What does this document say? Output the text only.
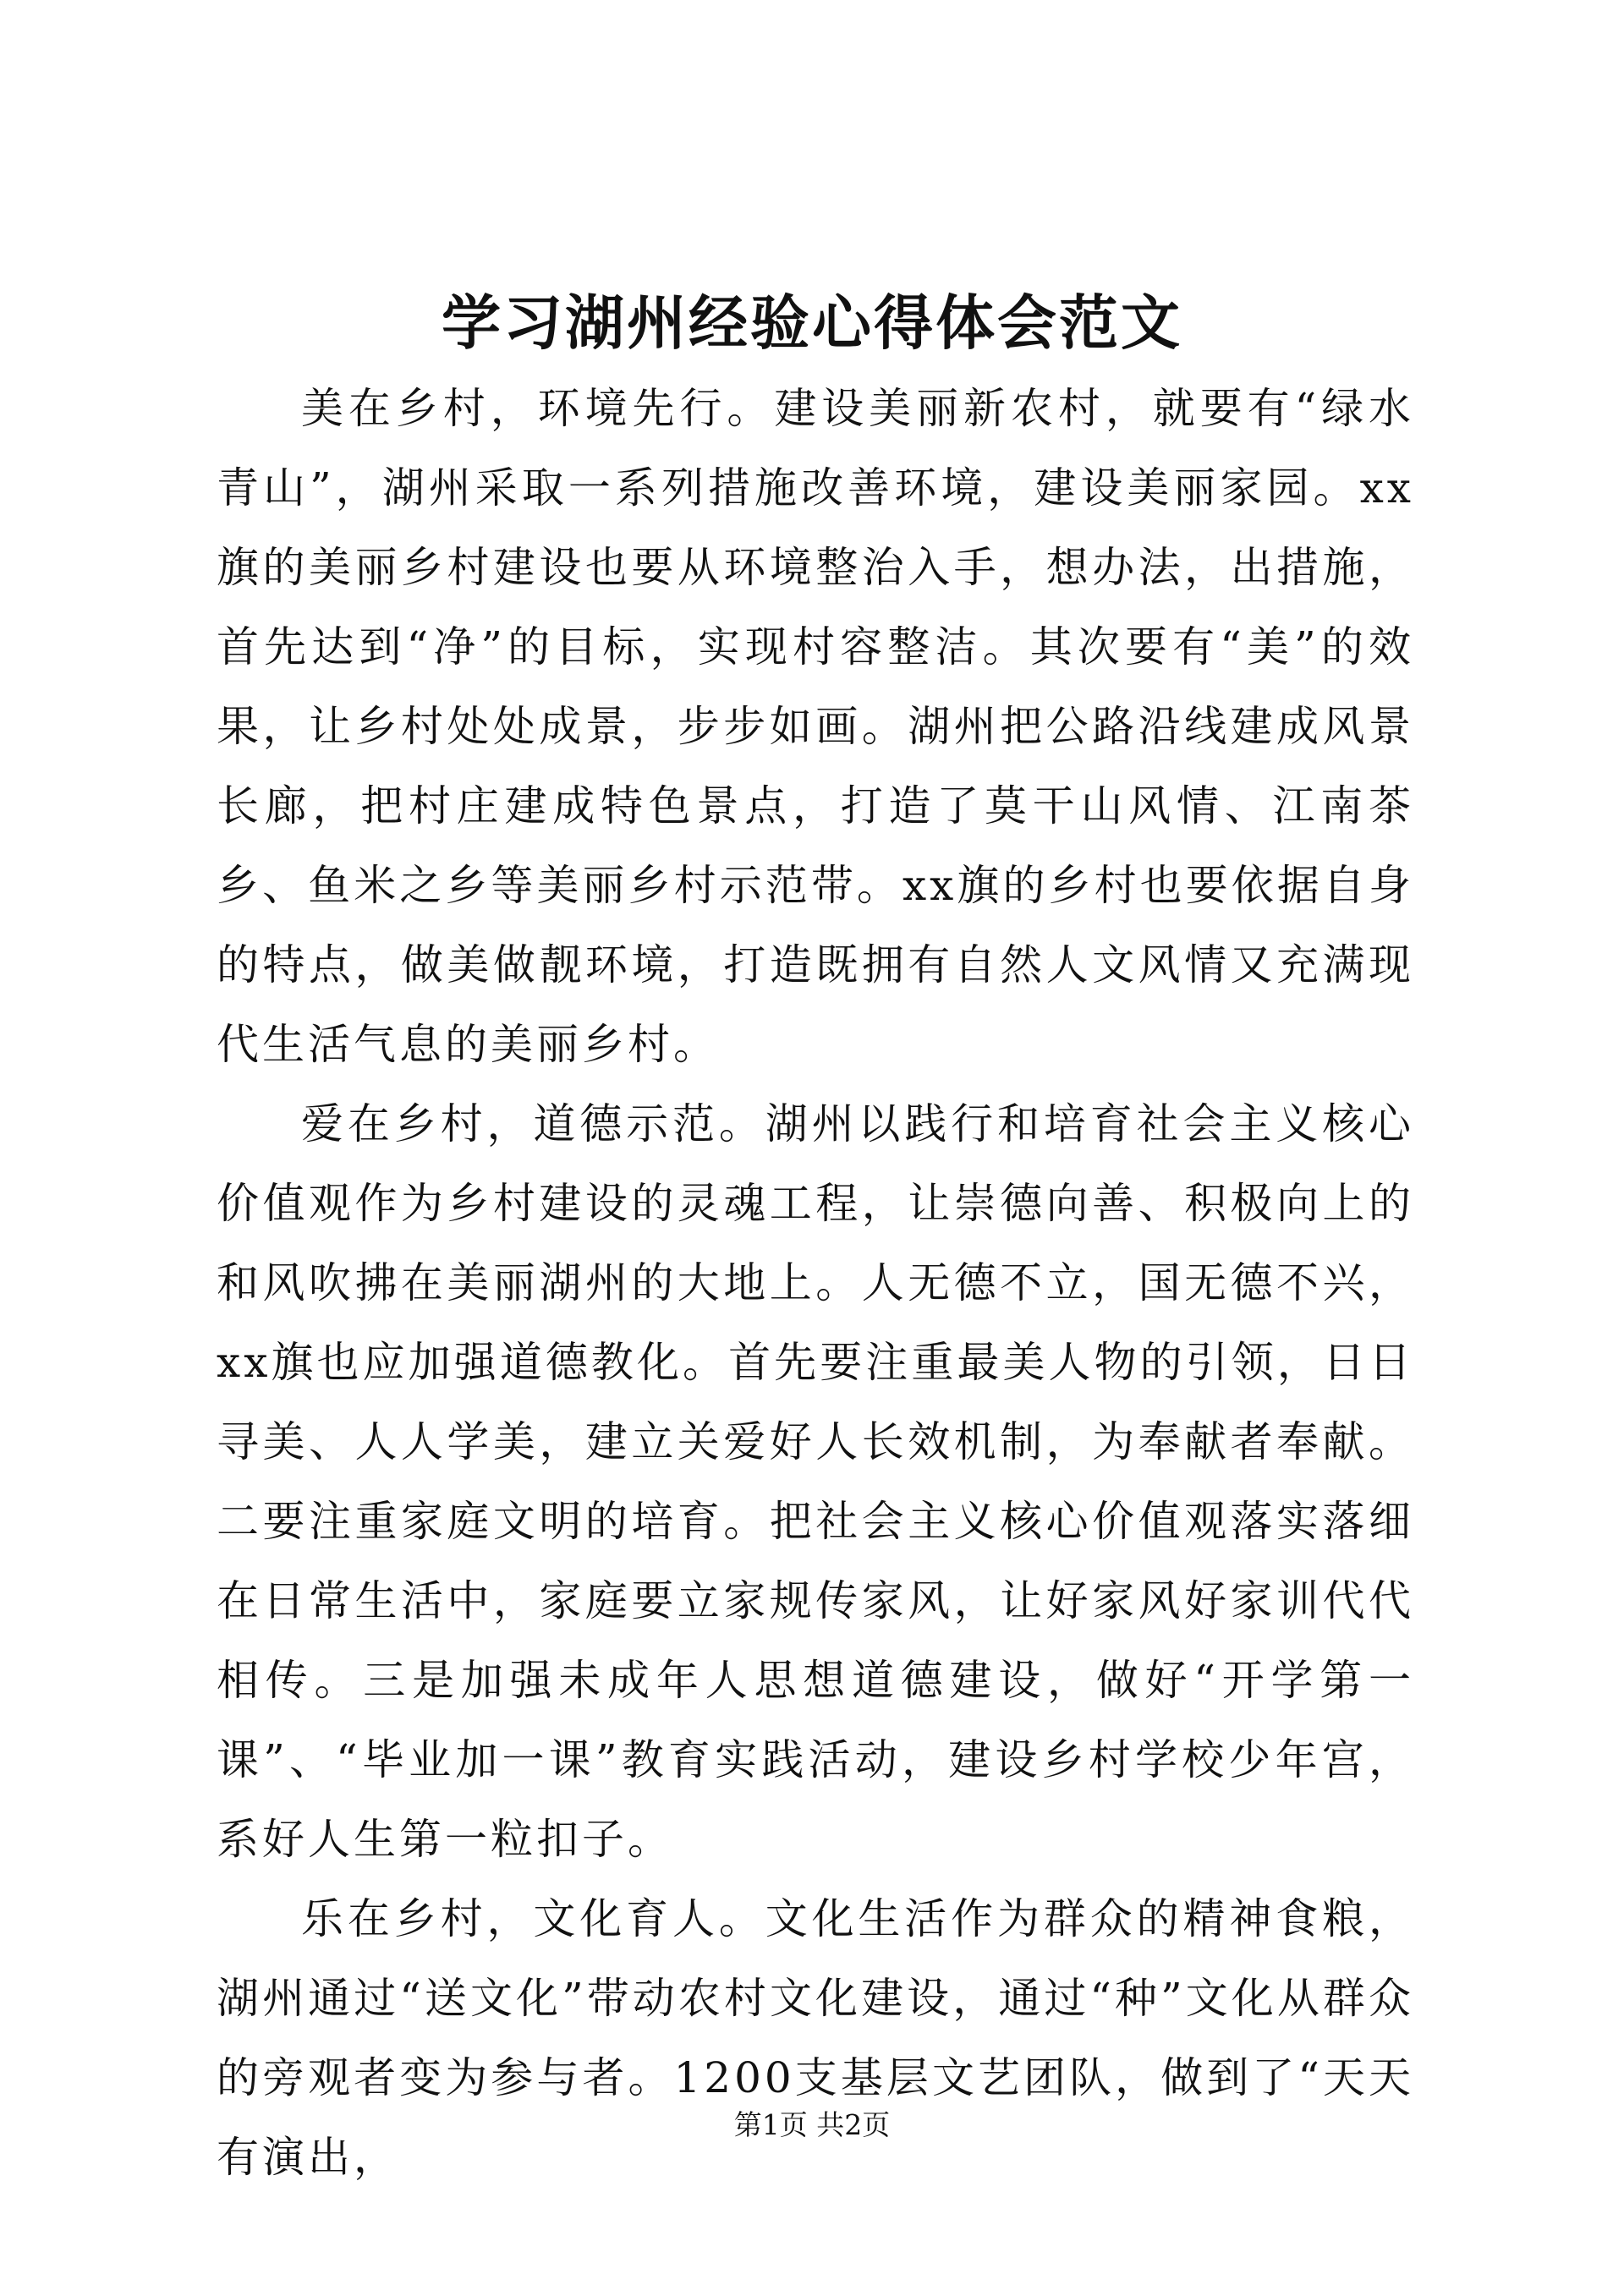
学习湖州经验心得体会范文

美在乡村，环境先行。建设美丽新农村，就要有“绿水青山”，湖州采取一系列措施改善环境，建设美丽家园。xx旗的美丽乡村建设也要从环境整治入手，想办法，出措施，首先达到“净”的目标，实现村容整洁。其次要有“美”的效果，让乡村处处成景，步步如画。湖州把公路沿线建成风景长廊，把村庄建成特色景点，打造了莫干山风情、江南茶乡、鱼米之乡等美丽乡村示范带。xx旗的乡村也要依据自身的特点，做美做靓环境，打造既拥有自然人文风情又充满现代生活气息的美丽乡村。

爱在乡村，道德示范。湖州以践行和培育社会主义核心价值观作为乡村建设的灵魂工程，让崇德向善、积极向上的和风吹拂在美丽湖州的大地上。人无德不立，国无德不兴，xx旗也应加强道德教化。首先要注重最美人物的引领，日日寻美、人人学美，建立关爱好人长效机制，为奉献者奉献。二要注重家庭文明的培育。把社会主义核心价值观落实落细在日常生活中，家庭要立家规传家风，让好家风好家训代代相传。三是加强未成年人思想道德建设，做好“开学第一课”、“毕业加一课”教育实践活动，建设乡村学校少年宫，系好人生第一粒扣子。

乐在乡村，文化育人。文化生活作为群众的精神食粮，湖州通过“送文化”带动农村文化建设，通过“种”文化从群众的旁观者变为参与者。1200支基层文艺团队，做到了“天天有演出，

第1页 共2页
